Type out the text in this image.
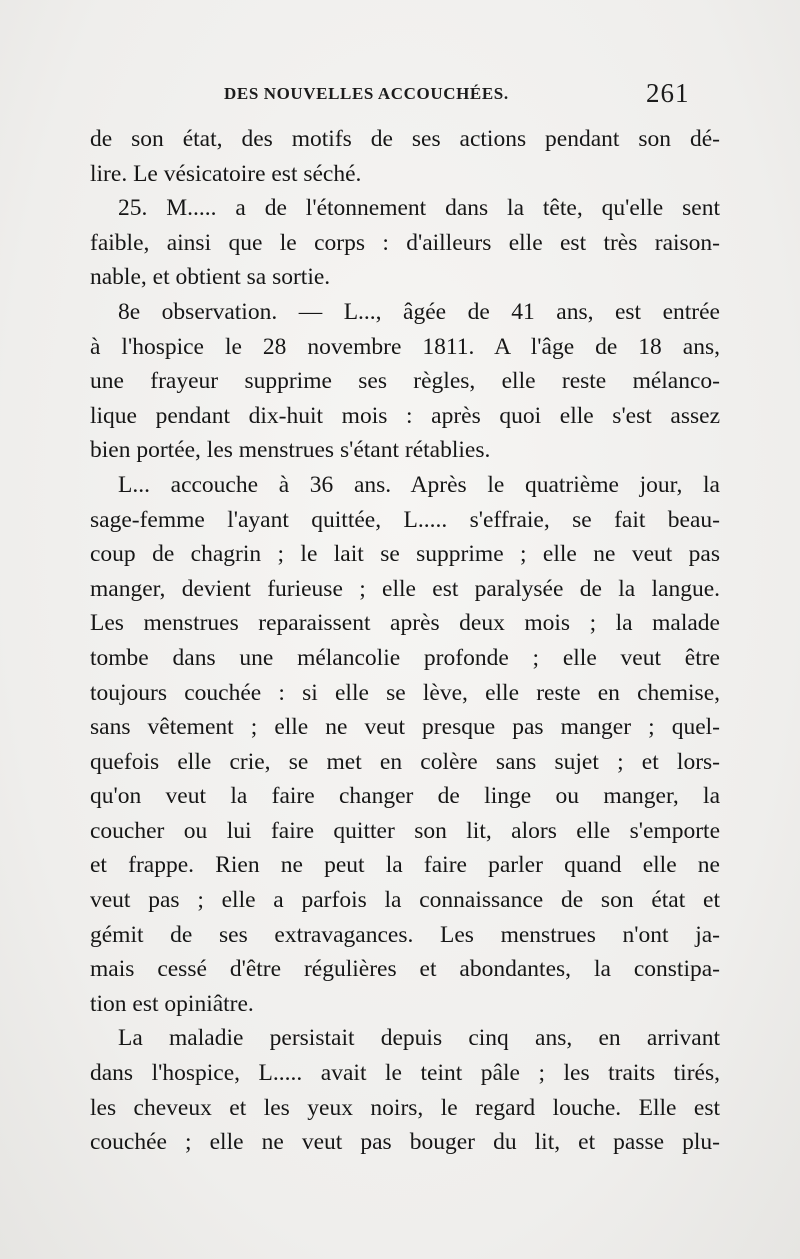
DES NOUVELLES ACCOUCHÉES.	261
de son état, des motifs de ses actions pendant son dé-
lire. Le vésicatoire est séché.
25. M..... a de l'étonnement dans la tête, qu'elle sent
faible, ainsi que le corps : d'ailleurs elle est très raison-
nable, et obtient sa sortie.
8e observation. — L..., âgée de 41 ans, est entrée
à l'hospice le 28 novembre 1811. A l'âge de 18 ans,
une frayeur supprime ses règles, elle reste mélanco-
lique pendant dix-huit mois : après quoi elle s'est assez
bien portée, les menstrues s'étant rétablies.
L... accouche à 36 ans. Après le quatrième jour, la
sage-femme l'ayant quittée, L..... s'effraie, se fait beau-
coup de chagrin ; le lait se supprime ; elle ne veut pas
manger, devient furieuse ; elle est paralysée de la langue.
Les menstrues reparaissent après deux mois ; la malade
tombe dans une mélancolie profonde ; elle veut être
toujours couchée : si elle se lève, elle reste en chemise,
sans vêtement ; elle ne veut presque pas manger ; quel-
quefois elle crie, se met en colère sans sujet ; et lors-
qu'on veut la faire changer de linge ou manger, la
coucher ou lui faire quitter son lit, alors elle s'emporte
et frappe. Rien ne peut la faire parler quand elle ne
veut pas ; elle a parfois la connaissance de son état et
gémit de ses extravagances. Les menstrues n'ont ja-
mais cessé d'être régulières et abondantes, la constipa-
tion est opiniâtre.
La maladie persistait depuis cinq ans, en arrivant
dans l'hospice, L..... avait le teint pâle ; les traits tirés,
les cheveux et les yeux noirs, le regard louche. Elle est
couchée ; elle ne veut pas bouger du lit, et passe plu-
